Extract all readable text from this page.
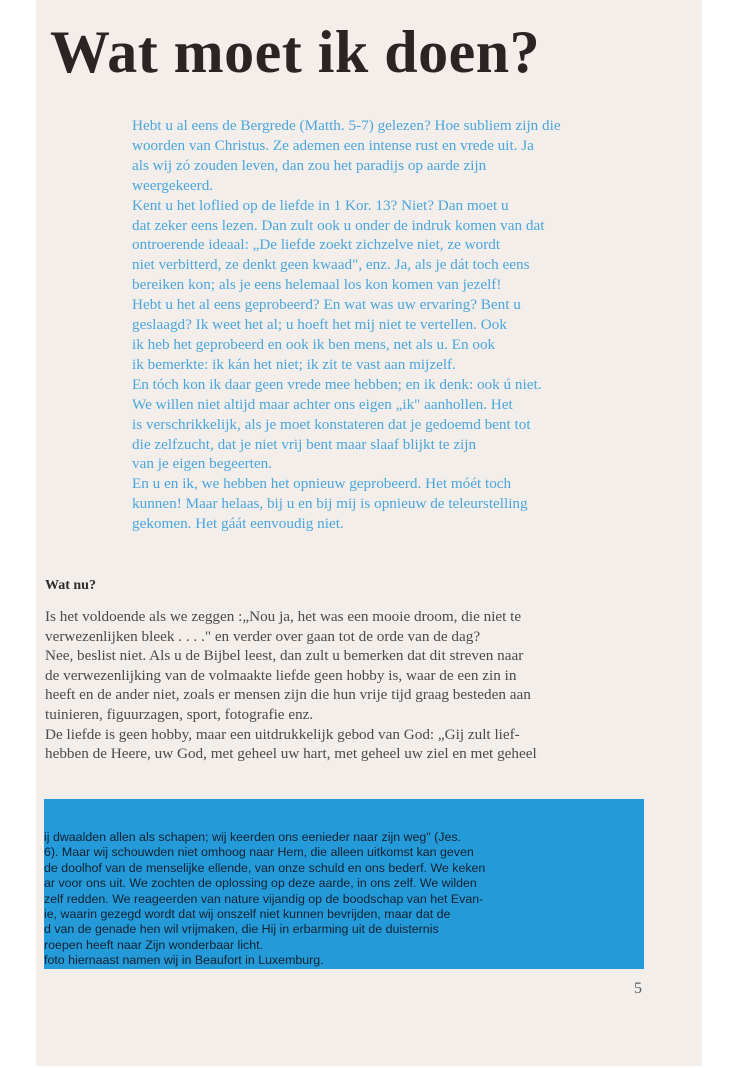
Wat moet ik doen?
Hebt u al eens de Bergrede (Matth. 5-7) gelezen? Hoe subliem zijn die
woorden van Christus. Ze ademen een intense rust en vrede uit. Ja
als wij zó zouden leven, dan zou het paradijs op aarde zijn
weergekeerd.
Kent u het loflied op de liefde in 1 Kor. 13? Niet? Dan moet u
dat zeker eens lezen. Dan zult ook u onder de indruk komen van dat
ontroerende ideaal: „De liefde zoekt zichzelve niet, ze wordt
niet verbitterd, ze denkt geen kwaad", enz. Ja, als je dát toch eens
bereiken kon; als je eens helemaal los kon komen van jezelf!
Hebt u het al eens geprobeerd? En wat was uw ervaring? Bent u
geslaagd? Ik weet het al; u hoeft het mij niet te vertellen. Ook
ik heb het geprobeerd en ook ik ben mens, net als u. En ook
ik bemerkte: ik kán het niet; ik zit te vast aan mijzelf.
En tóch kon ik daar geen vrede mee hebben; en ik denk: ook ú niet.
We willen niet altijd maar achter ons eigen „ik" aanhollen. Het
is verschrikkelijk, als je moet konstateren dat je gedoemd bent tot
die zelfzucht, dat je niet vrij bent maar slaaf blijkt te zijn
van je eigen begeerten.
En u en ik, we hebben het opnieuw geprobeerd. Het móét toch
kunnen! Maar helaas, bij u en bij mij is opnieuw de teleurstelling
gekomen. Het gáát eenvoudig niet.
Wat nu?
Is het voldoende als we zeggen :„Nou ja, het was een mooie droom, die niet te
verwezenlijken bleek . . . ." en verder over gaan tot de orde van de dag?
Nee, beslist niet. Als u de Bijbel leest, dan zult u bemerken dat dit streven naar
de verwezenlijking van de volmaakte liefde geen hobby is, waar de een zin in
heeft en de ander niet, zoals er mensen zijn die hun vrije tijd graag besteden aan
tuinieren, figuurzagen, sport, fotografie enz.
De liefde is geen hobby, maar een uitdrukkelijk gebod van God: „Gij zult lief-
hebben de Heere, uw God, met geheel uw hart, met geheel uw ziel en met geheel
ij dwaalden allen als schapen; wij keerden ons eenieder naar zijn weg" (Jes.
6). Maar wij schouwden niet omhoog naar Hem, die alleen uitkomst kan geven
de doolhof van de menselijke ellende, van onze schuld en ons bederf. We keken
ar voor ons uit. We zochten de oplossing op deze aarde, in ons zelf. We wilden
zelf redden. We reageerden van nature vijandig op de boodschap van het Evan-
ie, waarin gezegd wordt dat wij onszelf niet kunnen bevrijden, maar dat de
d van de genade hen wil vrijmaken, die Hij in erbarming uit de duisternis
roepen heeft naar Zijn wonderbaar licht.
foto hiernaast namen wij in Beaufort in Luxemburg.
5
